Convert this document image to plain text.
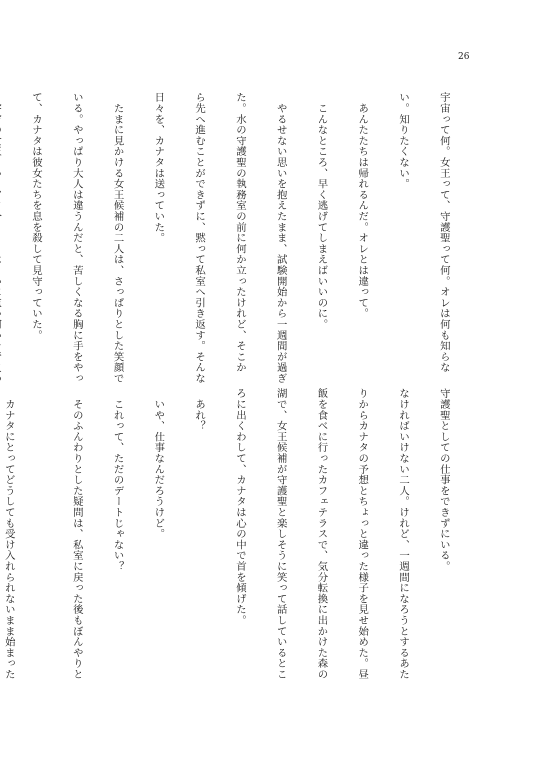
26

宇宙って何。女王って、守護聖って何。オレは何も知らな

い。知りたくない。

　あんたたちは帰れるんだ。オレとは違って。

　こんなところ、早く逃げてしまえばいいのに。

　やるせない思いを抱えたまま、試験開始から一週間が過ぎ

た。水の守護聖の執務室の前に何か立ったけれど、そこか

ら先へ進むことができずに、黙って私室へ引き返す。そんな

日々を、カナタは送っていた。

　たまに見かける女王候補の二人は、さっぱりとした笑顔で

いる。やっぱり大人は違うんだと、苦しくなる胸に手をやっ

て、カナタは彼女たちを息を殺して見守っていた。

守護聖としての仕事をできずにいる。

なければいけない二人。けれど、一週間になろうとするあた

りからカナタの予想とちょっと違った様子を見せ始めた。昼

飯を食べに行ったカフェテラスで、気分転換に出かけた森の

湖で、女王候補が守護聖と楽しそうに笑って話しているとこ

ろに出くわして、カナタは心の中で首を傾げた。

　あれ？

　いや、仕事なんだろうけど。

　これって、ただのデートじゃない？

　そのふんわりとした疑問は、私室に戻った後もぼんやりと

　カナタにとってどうしても受け入れられないまま始まった
